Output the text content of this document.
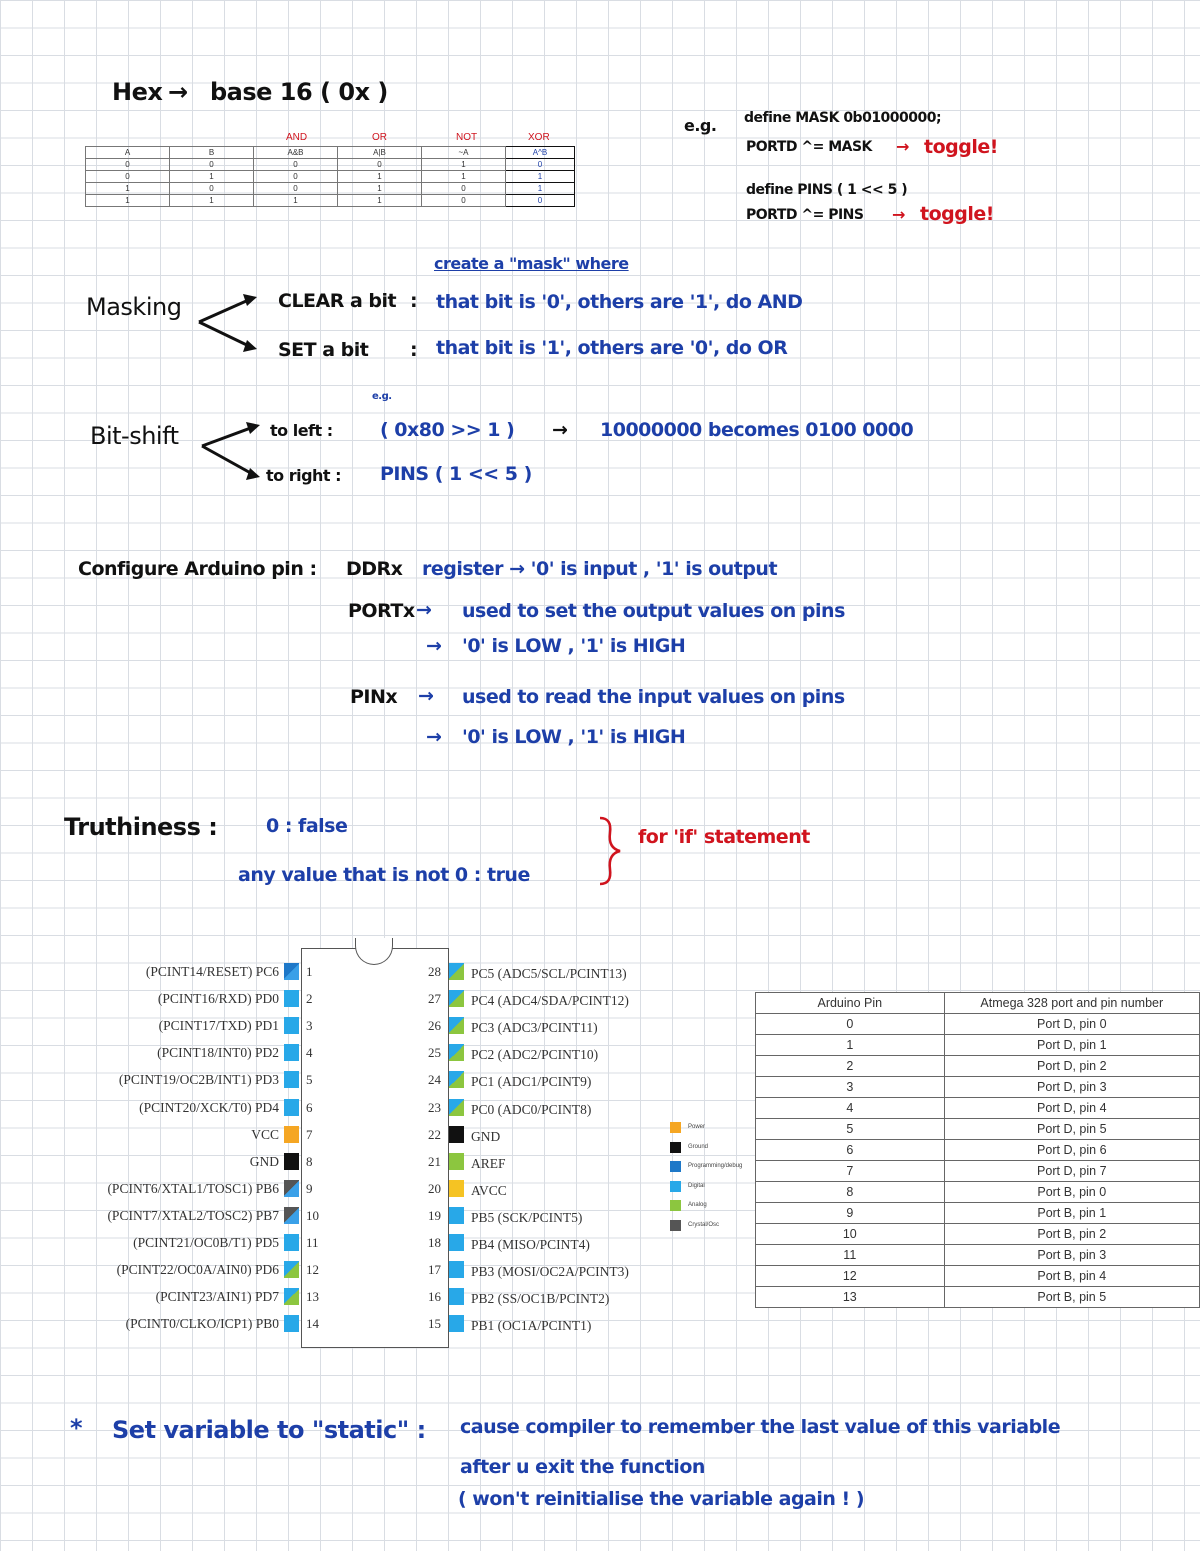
Hex → base 16 ( 0x )
AND	OR	NOT	XOR
A	B	A&B	A|B	~A	A^B
0	0	0	0	1	0
0	1	0	1	1	1
1	0	0	1	0	1
1	1	1	1	0	0
e.g. define MASK 0b01000000;
PORTD ^= MASK → toggle!
define PINS ( 1 << 5 )
PORTD ^= PINS → toggle!
create a "mask" where
Masking	CLEAR a bit : that bit is '0', others are '1', do AND
SET a bit : that bit is '1', others are '0', do OR
e.g.
Bit-shift	to left : ( 0x80 >> 1 ) → 10000000 becomes 0100 0000
to right : PINS ( 1 << 5 )
Configure Arduino pin : DDRx register → '0' is input , '1' is output
PORTx → used to set the output values on pins
→ '0' is LOW , '1' is HIGH
PINx → used to read the input values on pins
→ '0' is LOW , '1' is HIGH
Truthiness :	0 : false
any value that is not 0 : true
for 'if' statement
(PCINT14/RESET) PC6 1
(PCINT16/RXD) PD0 2
(PCINT17/TXD) PD1 3
(PCINT18/INT0) PD2 4
(PCINT19/OC2B/INT1) PD3 5
(PCINT20/XCK/T0) PD4 6
VCC 7
GND 8
(PCINT6/XTAL1/TOSC1) PB6 9
(PCINT7/XTAL2/TOSC2) PB7 10
(PCINT21/OC0B/T1) PD5 11
(PCINT22/OC0A/AIN0) PD6 12
(PCINT23/AIN1) PD7 13
(PCINT0/CLKO/ICP1) PB0 14
28 PC5 (ADC5/SCL/PCINT13)
27 PC4 (ADC4/SDA/PCINT12)
26 PC3 (ADC3/PCINT11)
25 PC2 (ADC2/PCINT10)
24 PC1 (ADC1/PCINT9)
23 PC0 (ADC0/PCINT8)
22 GND
21 AREF
20 AVCC
19 PB5 (SCK/PCINT5)
18 PB4 (MISO/PCINT4)
17 PB3 (MOSI/OC2A/PCINT3)
16 PB2 (SS/OC1B/PCINT2)
15 PB1 (OC1A/PCINT1)
Power
Ground
Programming/debug
Digital
Analog
Crystal/Osc
Arduino Pin	Atmega 328 port and pin number
0	Port D, pin 0
1	Port D, pin 1
2	Port D, pin 2
3	Port D, pin 3
4	Port D, pin 4
5	Port D, pin 5
6	Port D, pin 6
7	Port D, pin 7
8	Port B, pin 0
9	Port B, pin 1
10	Port B, pin 2
11	Port B, pin 3
12	Port B, pin 4
13	Port B, pin 5
* Set variable to "static" : cause compiler to remember the last value of this variable
after u exit the function
( won't reinitialise the variable again ! )
